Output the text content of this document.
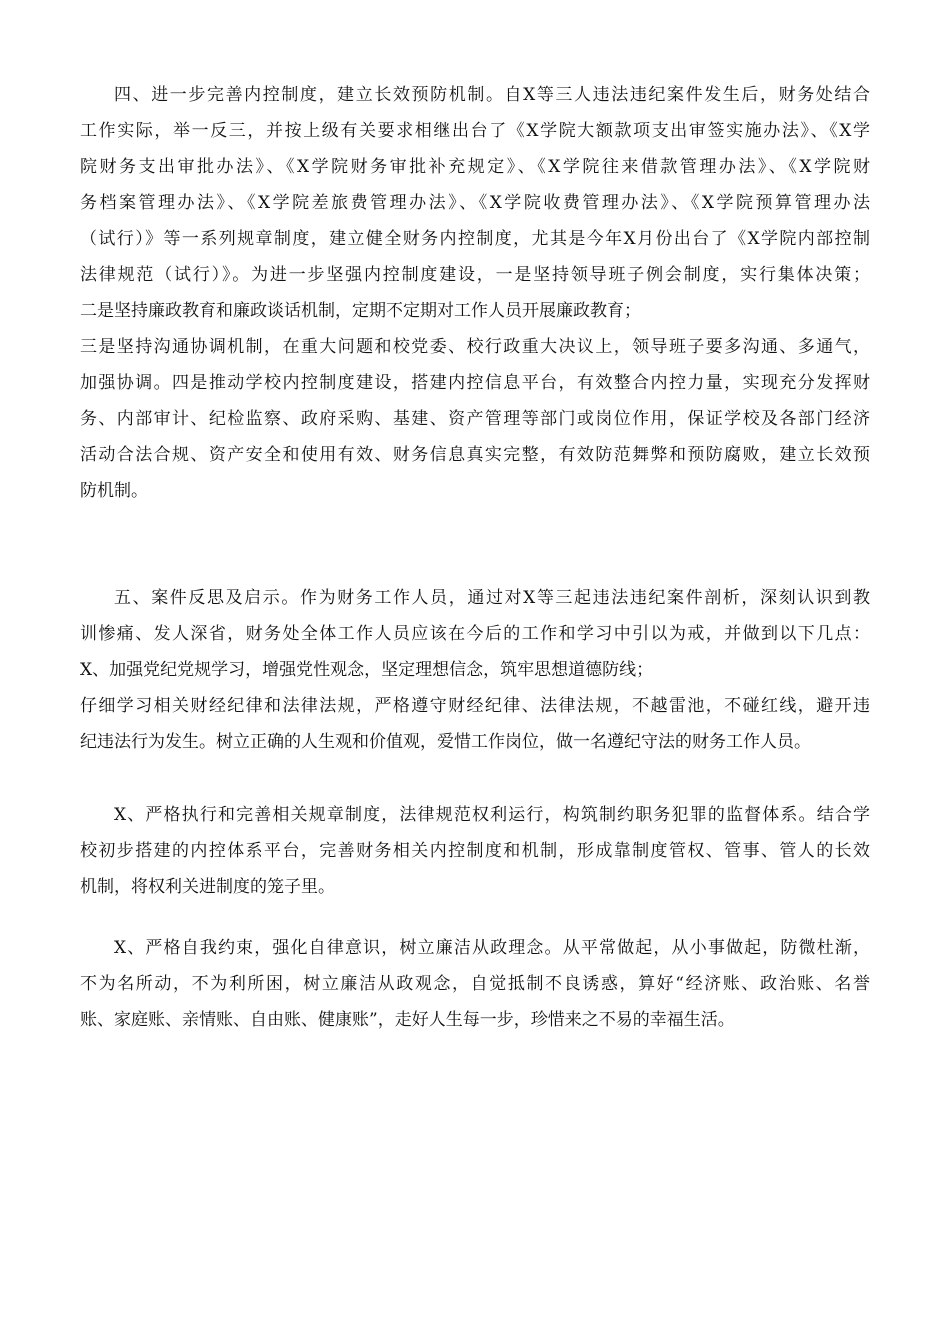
四、进一步完善内控制度，建立长效预防机制。自X等三人违法违纪案件发生后，财务处结合
工作实际，举一反三，并按上级有关要求相继出台了《X学院大额款项支出审签实施办法》、《X学
院财务支出审批办法》、《X学院财务审批补充规定》、《X学院往来借款管理办法》、《X学院财
务档案管理办法》、《X学院差旅费管理办法》、《X学院收费管理办法》、《X学院预算管理办法
（试行）》等一系列规章制度，建立健全财务内控制度，尤其是今年X月份出台了《X学院内部控制
法律规范（试行）》。为进一步坚强内控制度建设，一是坚持领导班子例会制度，实行集体决策；
二是坚持廉政教育和廉政谈话机制，定期不定期对工作人员开展廉政教育；
三是坚持沟通协调机制，在重大问题和校党委、校行政重大决议上，领导班子要多沟通、多通气，
加强协调。四是推动学校内控制度建设，搭建内控信息平台，有效整合内控力量，实现充分发挥财
务、内部审计、纪检监察、政府采购、基建、资产管理等部门或岗位作用，保证学校及各部门经济
活动合法合规、资产安全和使用有效、财务信息真实完整，有效防范舞弊和预防腐败，建立长效预
防机制。
五、案件反思及启示。作为财务工作人员，通过对X等三起违法违纪案件剖析，深刻认识到教
训惨痛、发人深省，财务处全体工作人员应该在今后的工作和学习中引以为戒，并做到以下几点：
X、加强党纪党规学习，增强党性观念，坚定理想信念，筑牢思想道德防线；
仔细学习相关财经纪律和法律法规，严格遵守财经纪律、法律法规，不越雷池，不碰红线，避开违
纪违法行为发生。树立正确的人生观和价值观，爱惜工作岗位，做一名遵纪守法的财务工作人员。
X、严格执行和完善相关规章制度，法律规范权利运行，构筑制约职务犯罪的监督体系。结合学
校初步搭建的内控体系平台，完善财务相关内控制度和机制，形成靠制度管权、管事、管人的长效
机制，将权利关进制度的笼子里。
X、严格自我约束，强化自律意识，树立廉洁从政理念。从平常做起，从小事做起，防微杜渐，
不为名所动，不为利所困，树立廉洁从政观念，自觉抵制不良诱惑，算好“经济账、政治账、名誉
账、家庭账、亲情账、自由账、健康账”，走好人生每一步，珍惜来之不易的幸福生活。
